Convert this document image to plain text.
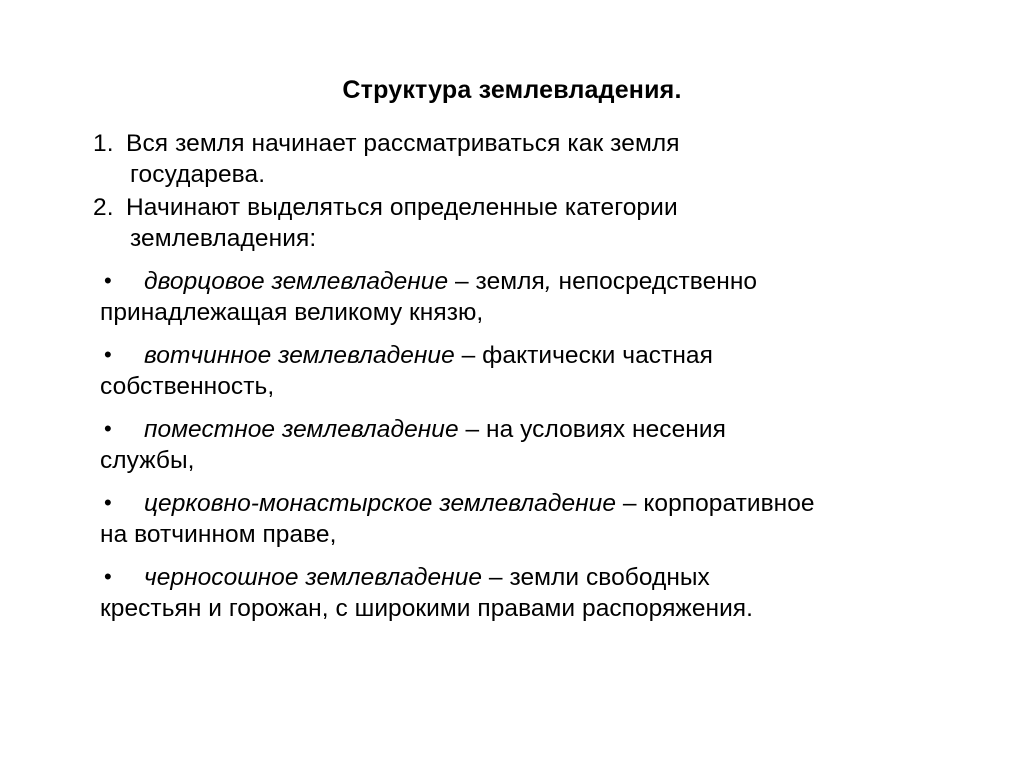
Структура землевладения.
1. Вся земля начинает рассматриваться как земля
государева.
2. Начинают выделяться определенные категории
землевладения:
• дворцовое землевладение – земля, непосредственно
принадлежащая великому князю,
• вотчинное землевладение – фактически частная
собственность,
• поместное землевладение – на условиях несения
службы,
• церковно-монастырское землевладение – корпоративное
на вотчинном праве,
• черносошное землевладение – земли свободных
крестьян и горожан, с широкими правами распоряжения.
